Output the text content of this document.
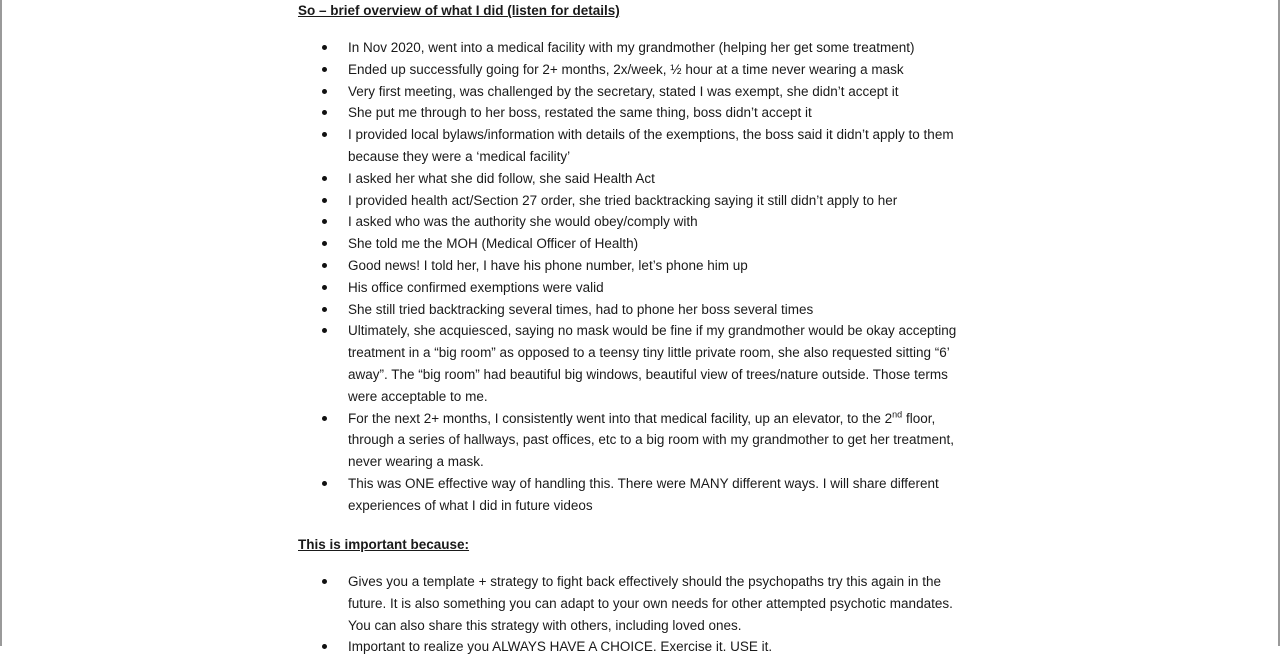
So – brief overview of what I did (listen for details)
In Nov 2020, went into a medical facility with my grandmother (helping her get some treatment)
Ended up successfully going for 2+ months, 2x/week, ½ hour at a time never wearing a mask
Very first meeting, was challenged by the secretary, stated I was exempt, she didn’t accept it
She put me through to her boss, restated the same thing, boss didn’t accept it
I provided local bylaws/information with details of the exemptions, the boss said it didn’t apply to them because they were a ‘medical facility’
I asked her what she did follow, she said Health Act
I provided health act/Section 27 order, she tried backtracking saying it still didn’t apply to her
I asked who was the authority she would obey/comply with
She told me the MOH (Medical Officer of Health)
Good news! I told her, I have his phone number, let’s phone him up
His office confirmed exemptions were valid
She still tried backtracking several times, had to phone her boss several times
Ultimately, she acquiesced, saying no mask would be fine if my grandmother would be okay accepting treatment in a “big room” as opposed to a teensy tiny little private room, she also requested sitting “6’ away”. The “big room” had beautiful big windows, beautiful view of trees/nature outside. Those terms were acceptable to me.
For the next 2+ months, I consistently went into that medical facility, up an elevator, to the 2nd floor, through a series of hallways, past offices, etc to a big room with my grandmother to get her treatment, never wearing a mask.
This was ONE effective way of handling this. There were MANY different ways. I will share different experiences of what I did in future videos
This is important because:
Gives you a template + strategy to fight back effectively should the psychopaths try this again in the future. It is also something you can adapt to your own needs for other attempted psychotic mandates. You can also share this strategy with others, including loved ones.
Important to realize you ALWAYS HAVE A CHOICE. Exercise it. USE it.
